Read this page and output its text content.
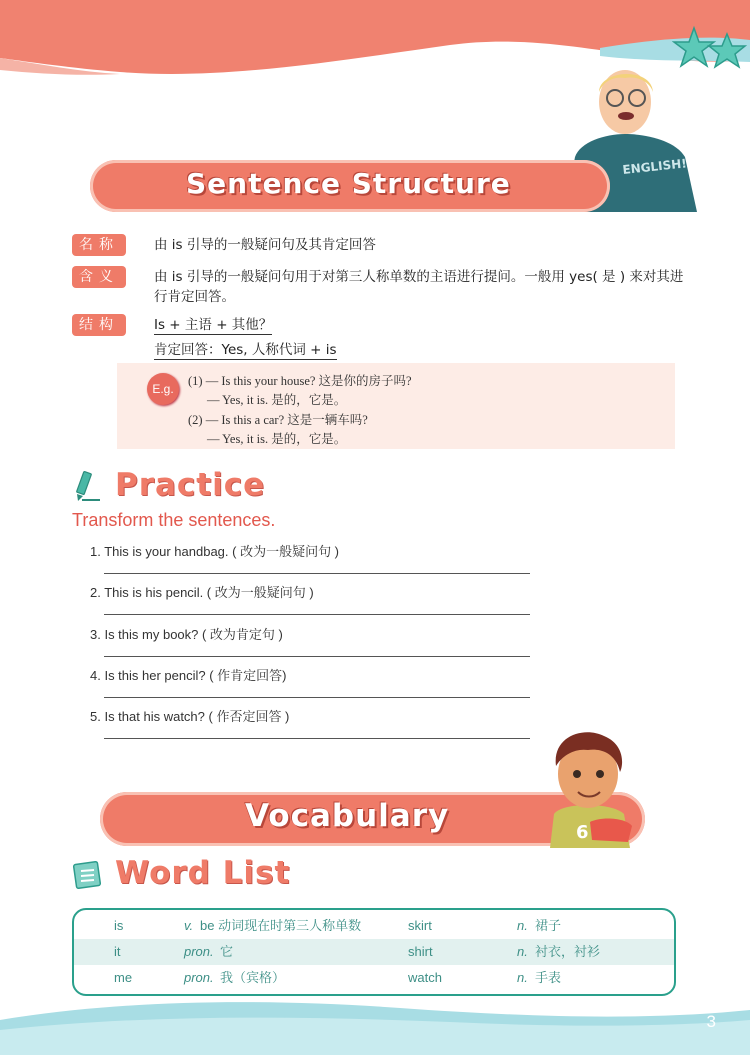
ENGLISH!
Sentence Structure
名称	由 is 引导的一般疑问句及其肯定回答
含义	由 is 引导的一般疑问句用于对第三人称单数的主语进行提问。一般用 yes( 是 ) 来对其进
行肯定回答。
结构	Is + 主语 + 其他？
肯定回答：Yes, 人称代词 + is
E.g.
(1) — Is this your house? 这是你的房子吗?
— Yes, it is. 是的，它是。
(2) — Is this a car? 这是一辆车吗?
— Yes, it is. 是的，它是。
Practice
Transform the sentences.
1. This is your handbag. ( 改为一般疑问句 )
2. This is his pencil. ( 改为一般疑问句 )
3. Is this my book? ( 改为肯定句 )
4. Is this her pencil? ( 作肯定回答)
5. Is that his watch? ( 作否定回答 )
Vocabulary	6
Word List
is	v. be 动词现在时第三人称单数	skirt	n. 裙子
it	pron. 它	shirt	n. 衬衣，衬衫
me	pron. 我（宾格）	watch	n. 手表
3
